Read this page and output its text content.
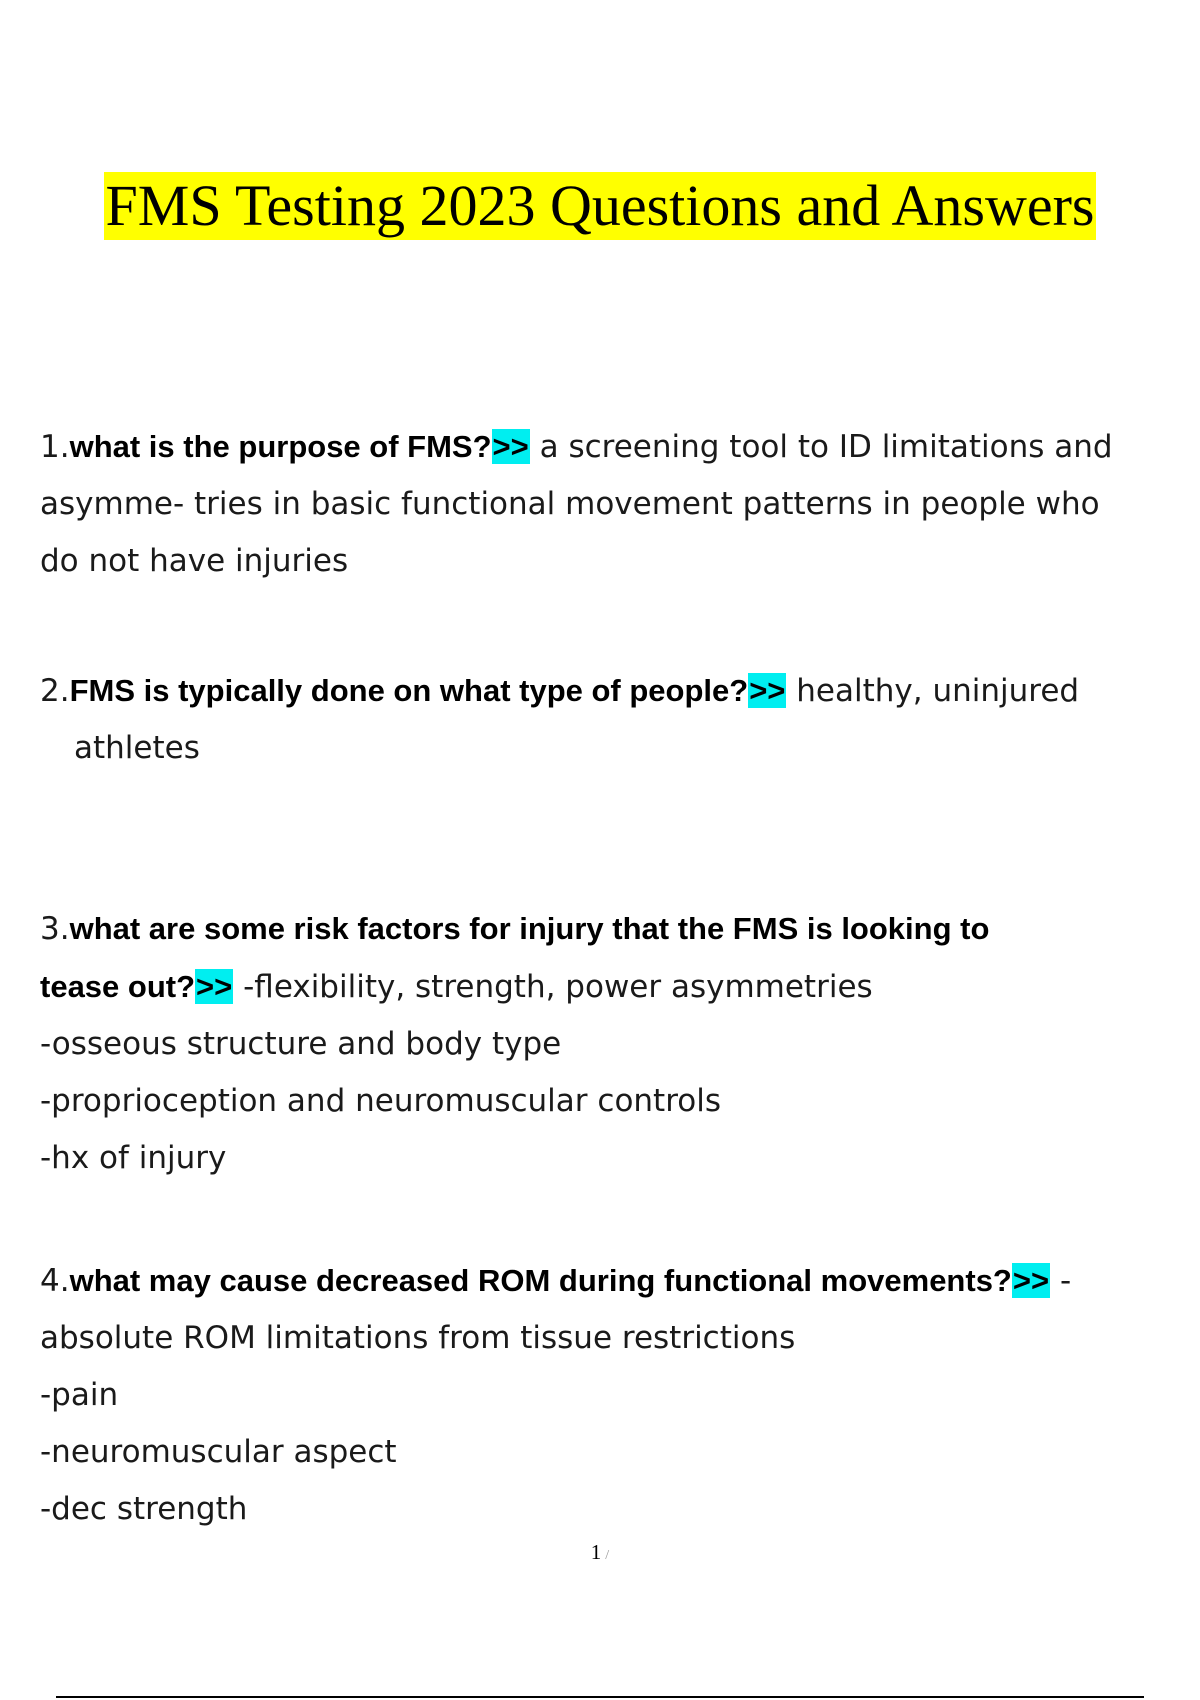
FMS Testing 2023 Questions and Answers

1.what is the purpose of FMS?>> a screening tool to ID limitations and

asymme- tries in basic functional movement patterns in people who

do not have injuries

2.FMS is typically done on what type of people?>> healthy, uninjured

athletes

3.what are some risk factors for injury that the FMS is looking to

tease out?>> -flexibility, strength, power asymmetries

-osseous structure and body type

-proprioception and neuromuscular controls

-hx of injury

4.what may cause decreased ROM during functional movements?>> -

absolute ROM limitations from tissue restrictions

-pain

-neuromuscular aspect

-dec strength

1 /
